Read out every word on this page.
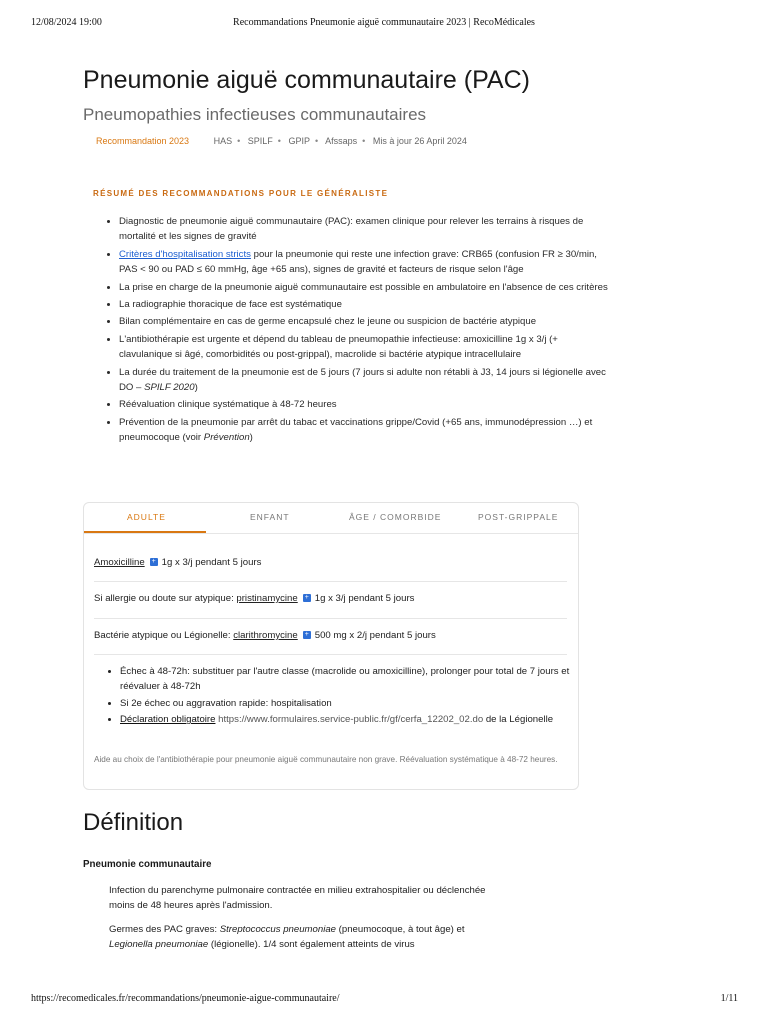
12/08/2024 19:00	Recommandations Pneumonie aiguë communautaire 2023 | RecoMédicales
Pneumonie aiguë communautaire (PAC)
Pneumopathies infectieuses communautaires
Recommandation 2023	HAS • SPILF • GPIP • Afssaps • Mis à jour 26 April 2024
RÉSUMÉ DES RECOMMANDATIONS POUR LE GÉNÉRALISTE
• Diagnostic de pneumonie aiguë communautaire (PAC): examen clinique pour relever les terrains à risques de mortalité et les signes de gravité
• Critères d'hospitalisation stricts pour la pneumonie qui reste une infection grave: CRB65 (confusion FR ≥ 30/min, PAS < 90 ou PAD ≤ 60 mmHg, âge +65 ans), signes de gravité et facteurs de risque selon l'âge
• La prise en charge de la pneumonie aiguë communautaire est possible en ambulatoire en l'absence de ces critères
• La radiographie thoracique de face est systématique
• Bilan complémentaire en cas de germe encapsulé chez le jeune ou suspicion de bactérie atypique
• L'antibiothérapie est urgente et dépend du tableau de pneumopathie infectieuse: amoxicilline 1g x 3/j (+ clavulanique si âgé, comorbidités ou post-grippal), macrolide si bactérie atypique intracellulaire
• La durée du traitement de la pneumonie est de 5 jours (7 jours si adulte non rétabli à J3, 14 jours si légionelle avec DO – SPILF 2020)
• Réévaluation clinique systématique à 48-72 heures
• Prévention de la pneumonie par arrêt du tabac et vaccinations grippe/Covid (+65 ans, immunodépression …) et pneumocoque (voir Prévention)
ADULTE	ENFANT	ÂGE / COMORBIDE	POST-GRIPPALE
Amoxicilline + 1g x 3/j pendant 5 jours
Si allergie ou doute sur atypique: pristinamycine + 1g x 3/j pendant 5 jours
Bactérie atypique ou Légionelle: clarithromycine + 500 mg x 2/j pendant 5 jours
• Échec à 48-72h: substituer par l'autre classe (macrolide ou amoxicilline), prolonger pour total de 7 jours et réévaluer à 48-72h
• Si 2e échec ou aggravation rapide: hospitalisation
• Déclaration obligatoire https://www.formulaires.service-public.fr/gf/cerfa_12202_02.do de la Légionelle
Aide au choix de l'antibiothérapie pour pneumonie aiguë communautaire non grave. Réévaluation systématique à 48-72 heures.
Définition
Pneumonie communautaire
Infection du parenchyme pulmonaire contractée en milieu extrahospitalier ou déclenchée moins de 48 heures après l'admission.
Germes des PAC graves: Streptococcus pneumoniae (pneumocoque, à tout âge) et Legionella pneumoniae (légionelle). 1/4 sont également atteints de virus
https://recomedicales.fr/recommandations/pneumonie-aigue-communautaire/	1/11
